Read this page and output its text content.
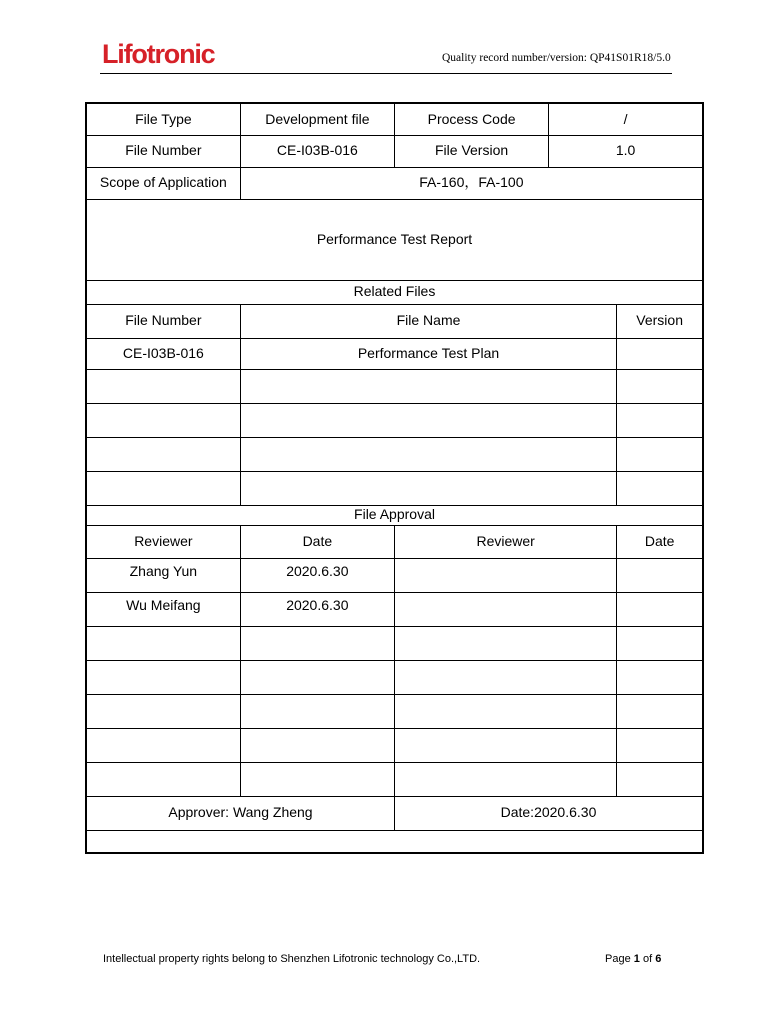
Lifotronic	Quality record number/version: QP41S01R18/5.0
File Type	Development file	Process Code	/	
File Number	CE-I03B-016	File Version	1.0	
Scope of Application	FA-160，FA-100			
Performance Test Report				
Related Files				
File Number	File Name			Version
CE-I03B-016	Performance Test Plan			

File Approval				
Reviewer	Date	Reviewer		Date
Zhang Yun	2020.6.30			
Wu Meifang	2020.6.30			

Approver: Wang Zheng		Date:2020.6.30		

Intellectual property rights belong to Shenzhen Lifotronic technology Co.,LTD.	Page 1 of 6
